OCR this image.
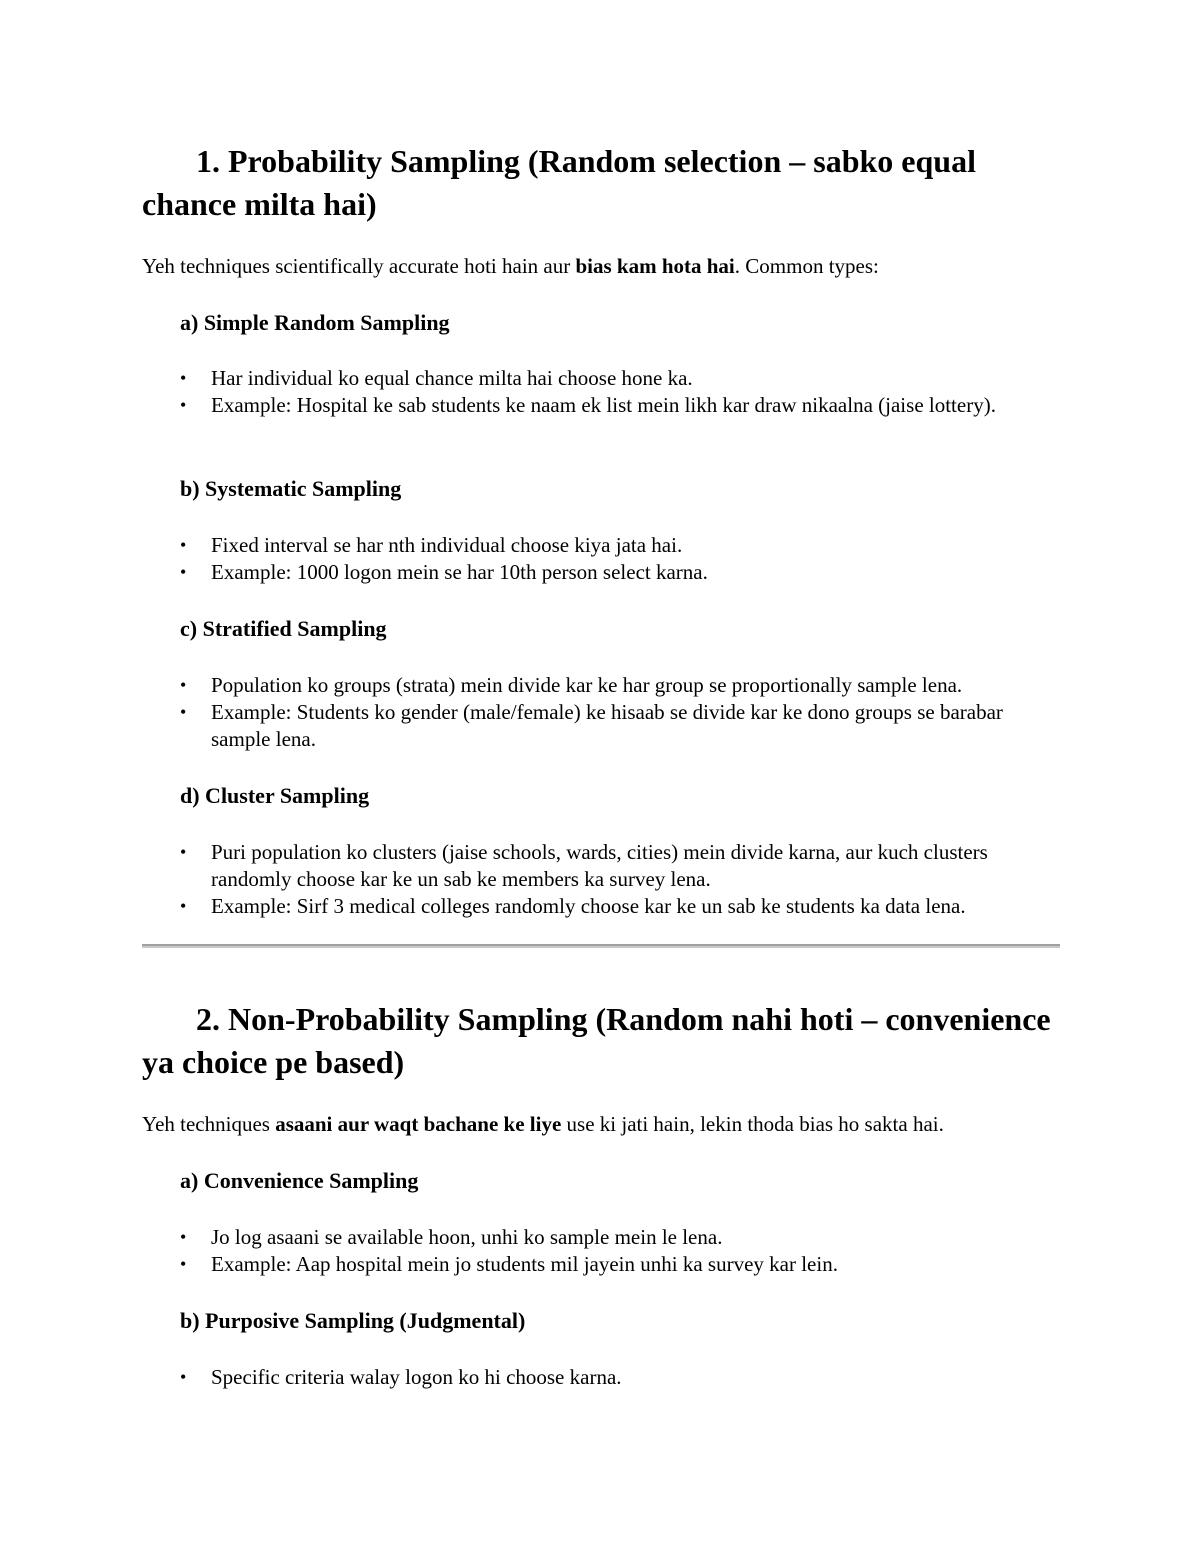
1. Probability Sampling (Random selection – sabko equal chance milta hai)

Yeh techniques scientifically accurate hoti hain aur bias kam hota hai. Common types:

a) Simple Random Sampling
• Har individual ko equal chance milta hai choose hone ka.
• Example: Hospital ke sab students ke naam ek list mein likh kar draw nikaalna (jaise lottery).
b) Systematic Sampling
• Fixed interval se har nth individual choose kiya jata hai.
• Example: 1000 logon mein se har 10th person select karna.
c) Stratified Sampling
• Population ko groups (strata) mein divide kar ke har group se proportionally sample lena.
• Example: Students ko gender (male/female) ke hisaab se divide kar ke dono groups se barabar sample lena.
d) Cluster Sampling
• Puri population ko clusters (jaise schools, wards, cities) mein divide karna, aur kuch clusters randomly choose kar ke un sab ke members ka survey lena.
• Example: Sirf 3 medical colleges randomly choose kar ke un sab ke students ka data lena.
2. Non-Probability Sampling (Random nahi hoti – convenience ya choice pe based)

Yeh techniques asaani aur waqt bachane ke liye use ki jati hain, lekin thoda bias ho sakta hai.

a) Convenience Sampling
• Jo log asaani se available hoon, unhi ko sample mein le lena.
• Example: Aap hospital mein jo students mil jayein unhi ka survey kar lein.
b) Purposive Sampling (Judgmental)
• Specific criteria walay logon ko hi choose karna.
